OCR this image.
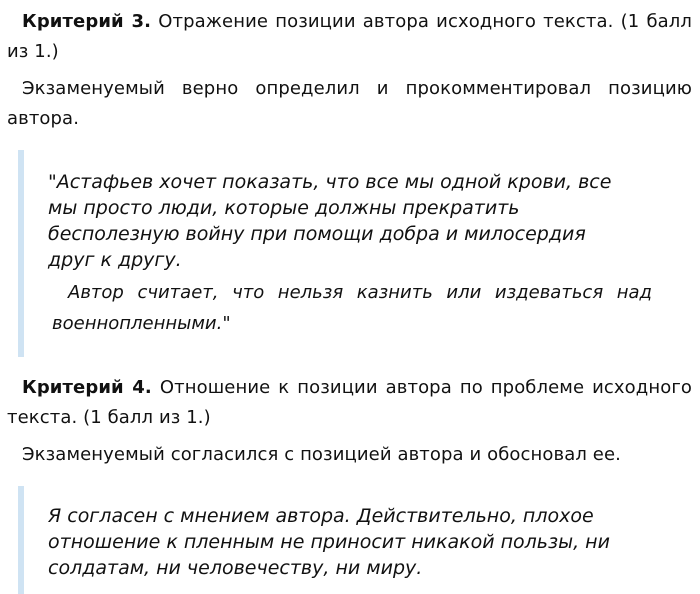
Критерий 3. Отражение позиции автора исходного текста. (1 балл из 1.)

Экзаменуемый верно определил и прокомментировал позицию автора.

"Астафьев хочет показать, что все мы одной крови, все

мы просто люди, которые должны прекратить

бесполезную войну при помощи добра и милосердия

друг к другу.

Автор считает, что нельзя казнить или издеваться над военнопленными."

Критерий 4. Отношение к позиции автора по проблеме исходного текста. (1 балл из 1.)

Экзаменуемый согласился с позицией автора и обосновал ее.

Я согласен с мнением автора. Действительно, плохое

отношение к пленным не приносит никакой пользы, ни

солдатам, ни человечеству, ни миру.
